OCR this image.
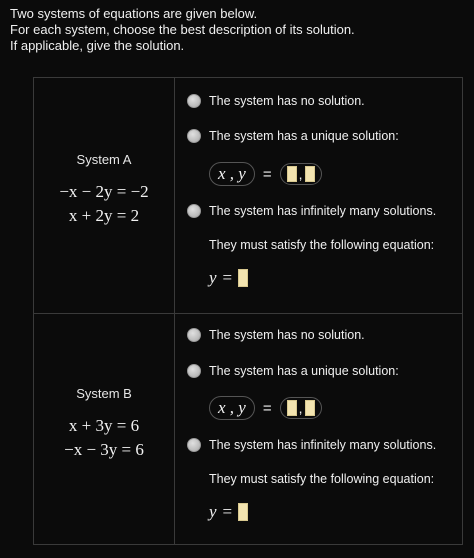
Two systems of equations are given below.
For each system, choose the best description of its solution.
If applicable, give the solution.
System A
−x − 2y = −2
x + 2y = 2
The system has no solution.
The system has a unique solution:
x , y	= ,
The system has infinitely many solutions.
They must satisfy the following equation:
y =
System B
x + 3y = 6
−x − 3y = 6
The system has no solution.
The system has a unique solution:
x , y	= ,
The system has infinitely many solutions.
They must satisfy the following equation:
y =
